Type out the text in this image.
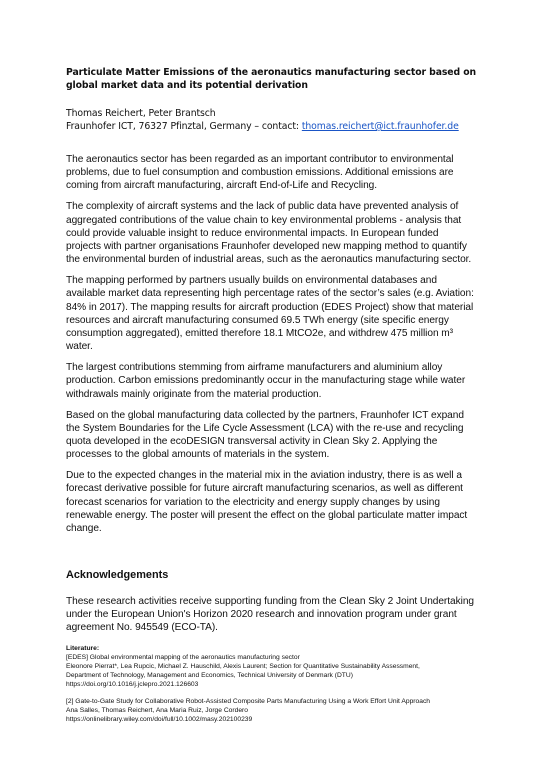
Particulate Matter Emissions of the aeronautics manufacturing sector based on global market data and its potential derivation

Thomas Reichert, Peter Brantsch

Fraunhofer ICT, 76327 Pfinztal, Germany – contact: thomas.reichert@ict.fraunhofer.de

The aeronautics sector has been regarded as an important contributor to environmental problems, due to fuel consumption and combustion emissions. Additional emissions are coming from aircraft manufacturing, aircraft End-of-Life and Recycling.

The complexity of aircraft systems and the lack of public data have prevented analysis of aggregated contributions of the value chain to key environmental problems - analysis that could provide valuable insight to reduce environmental impacts. In European funded projects with partner organisations Fraunhofer developed new mapping method to quantify the environmental burden of industrial areas, such as the aeronautics manufacturing sector.

The mapping performed by partners usually builds on environmental databases and available market data representing high percentage rates of the sector’s sales (e.g. Aviation: 84% in 2017). The mapping results for aircraft production (EDES Project) show that material resources and aircraft manufacturing consumed 69.5 TWh energy (site specific energy consumption aggregated), emitted therefore 18.1 MtCO2e, and withdrew 475 million m³ water.

The largest contributions stemming from airframe manufacturers and aluminium alloy production. Carbon emissions predominantly occur in the manufacturing stage while water withdrawals mainly originate from the material production.

Based on the global manufacturing data collected by the partners, Fraunhofer ICT expand the System Boundaries for the Life Cycle Assessment (LCA) with the re-use and recycling quota developed in the ecoDESIGN transversal activity in Clean Sky 2. Applying the processes to the global amounts of materials in the system.

Due to the expected changes in the material mix in the aviation industry, there is as well a forecast derivative possible for future aircraft manufacturing scenarios, as well as different forecast scenarios for variation to the electricity and energy supply changes by using renewable energy. The poster will present the effect on the global particulate matter impact change.

Acknowledgements

These research activities receive supporting funding from the Clean Sky 2 Joint Undertaking under the European Union's Horizon 2020 research and innovation program under grant agreement No. 945549 (ECO-TA).

Literature:

[EDES] Global environmental mapping of the aeronautics manufacturing sector

Eleonore Pierrat*, Lea Rupcic, Michael Z. Hauschild, Alexis Laurent; Section for Quantitative Sustainability Assessment,

Department of Technology, Management and Economics, Technical University of Denmark (DTU)

https://doi.org/10.1016/j.jclepro.2021.126603

[2] Gate-to-Gate Study for Collaborative Robot-Assisted Composite Parts Manufacturing Using a Work Effort Unit Approach

Ana Salles, Thomas Reichert, Ana Maria Ruiz, Jorge Cordero

https://onlinelibrary.wiley.com/doi/full/10.1002/masy.202100239
